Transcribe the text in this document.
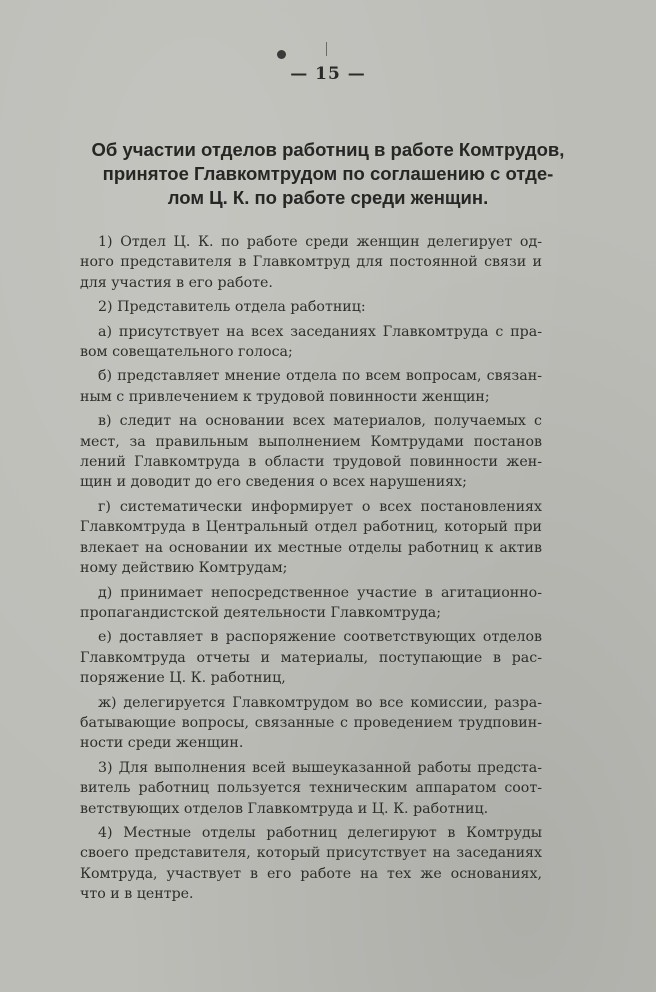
— 15 —
Об участии отделов работниц в работе Комтрудов,
принятое Главкомтрудом по соглашению с отде-
лом Ц. К. по работе среди женщин.
1) Отдел Ц. К. по работе среди женщин делегирует од-
ного представителя в Главкомтруд для постоянной связи и
для участия в его работе.
2) Представитель отдела работниц:
а) присутствует на всех заседаниях Главкомтруда с пра-
вом совещательного голоса;
б) представляет мнение отдела по всем вопросам, связан-
ным с привлечением к трудовой повинности женщин;
в) следит на основании всех материалов, получаемых с
мест, за правильным выполнением Комтрудами постанов
лений Главкомтруда в области трудовой повинности жен-
щин и доводит до его сведения о всех нарушениях;
г) систематически информирует о всех постановлениях
Главкомтруда в Центральный отдел работниц, который при
влекает на основании их местные отделы работниц к актив
ному действию Комтрудам;
д) принимает непосредственное участие в агитационно-
пропагандистской деятельности Главкомтруда;
е) доставляет в распоряжение соответствующих отделов
Главкомтруда отчеты и материалы, поступающие в рас-
поряжение Ц. К. работниц,
ж) делегируется Главкомтрудом во все комиссии, разра-
батывающие вопросы, связанные с проведением трудповин-
ности среди женщин.
3) Для выполнения всей вышеуказанной работы предста-
витель работниц пользуется техническим аппаратом соот-
ветствующих отделов Главкомтруда и Ц. К. работниц.
4) Местные отделы работниц делегируют в Комтруды
своего представителя, который присутствует на заседаниях
Комтруда, участвует в его работе на тех же основаниях,
что и в центре.
